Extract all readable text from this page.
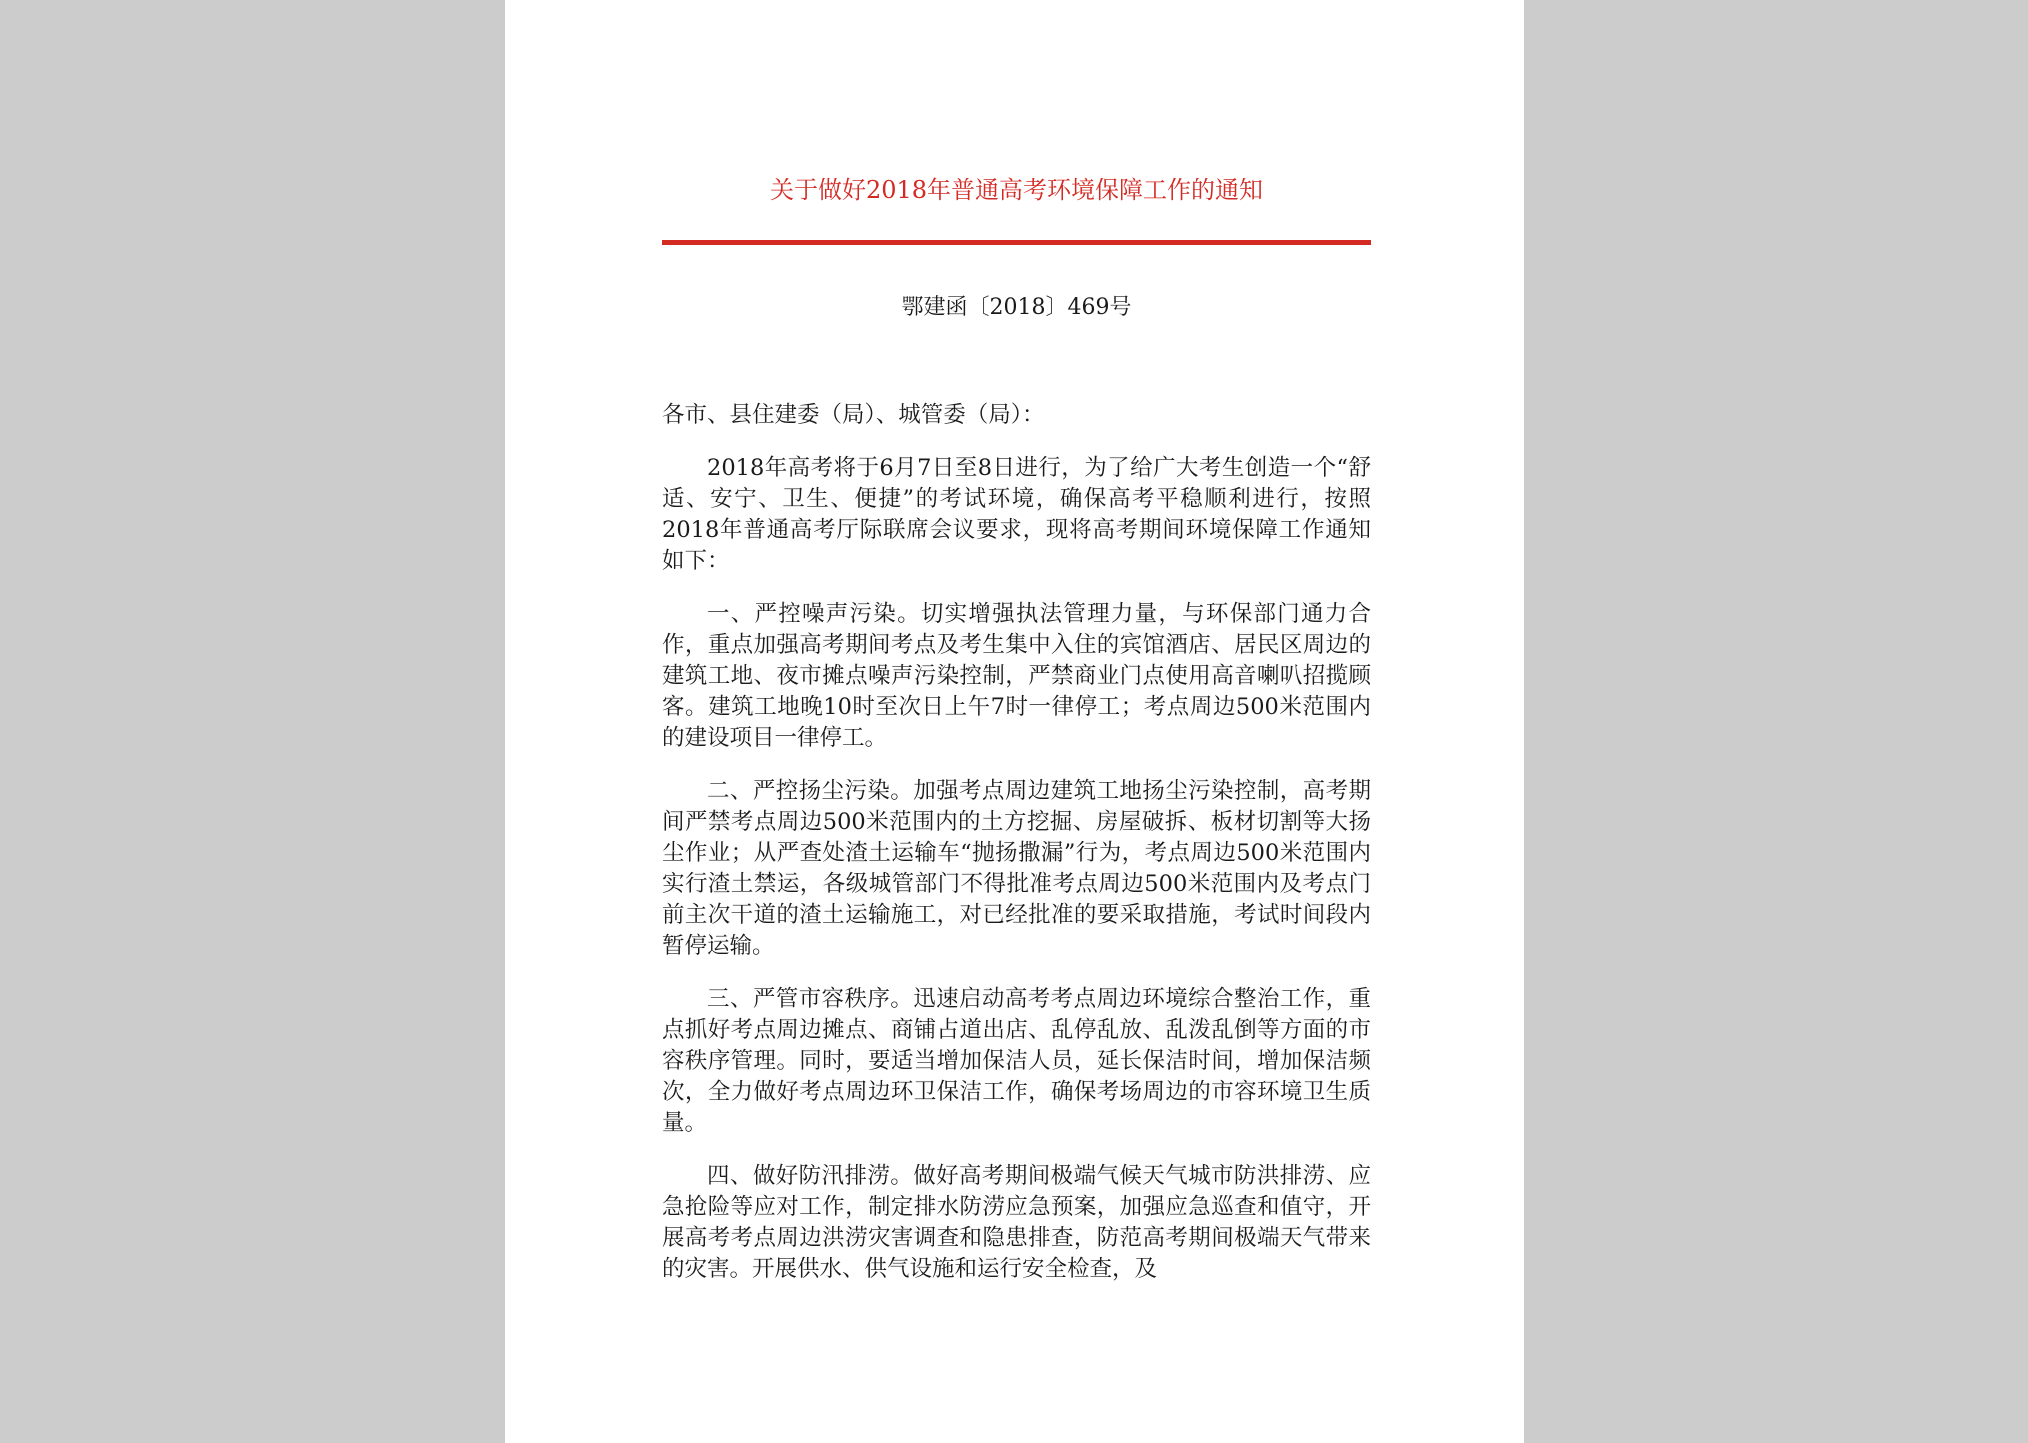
关于做好2018年普通高考环境保障工作的通知
鄂建函〔2018〕469号

各市、县住建委（局）、城管委（局）：

2018年高考将于6月7日至8日进行，为了给广大考生创造一个“舒适、安宁、卫生、便捷”的考试环境，确保高考平稳顺利进行，按照2018年普通高考厅际联席会议要求，现将高考期间环境保障工作通知如下：

一、严控噪声污染。切实增强执法管理力量，与环保部门通力合作，重点加强高考期间考点及考生集中入住的宾馆酒店、居民区周边的建筑工地、夜市摊点噪声污染控制，严禁商业门点使用高音喇叭招揽顾客。建筑工地晚10时至次日上午7时一律停工；考点周边500米范围内的建设项目一律停工。

二、严控扬尘污染。加强考点周边建筑工地扬尘污染控制，高考期间严禁考点周边500米范围内的土方挖掘、房屋破拆、板材切割等大扬尘作业；从严查处渣土运输车“抛扬撒漏”行为，考点周边500米范围内实行渣土禁运，各级城管部门不得批准考点周边500米范围内及考点门前主次干道的渣土运输施工，对已经批准的要采取措施，考试时间段内暂停运输。

三、严管市容秩序。迅速启动高考考点周边环境综合整治工作，重点抓好考点周边摊点、商铺占道出店、乱停乱放、乱泼乱倒等方面的市容秩序管理。同时，要适当增加保洁人员，延长保洁时间，增加保洁频次，全力做好考点周边环卫保洁工作，确保考场周边的市容环境卫生质量。

四、做好防汛排涝。做好高考期间极端气候天气城市防洪排涝、应急抢险等应对工作，制定排水防涝应急预案，加强应急巡查和值守，开展高考考点周边洪涝灾害调查和隐患排查，防范高考期间极端天气带来的灾害。开展供水、供气设施和运行安全检查，及
